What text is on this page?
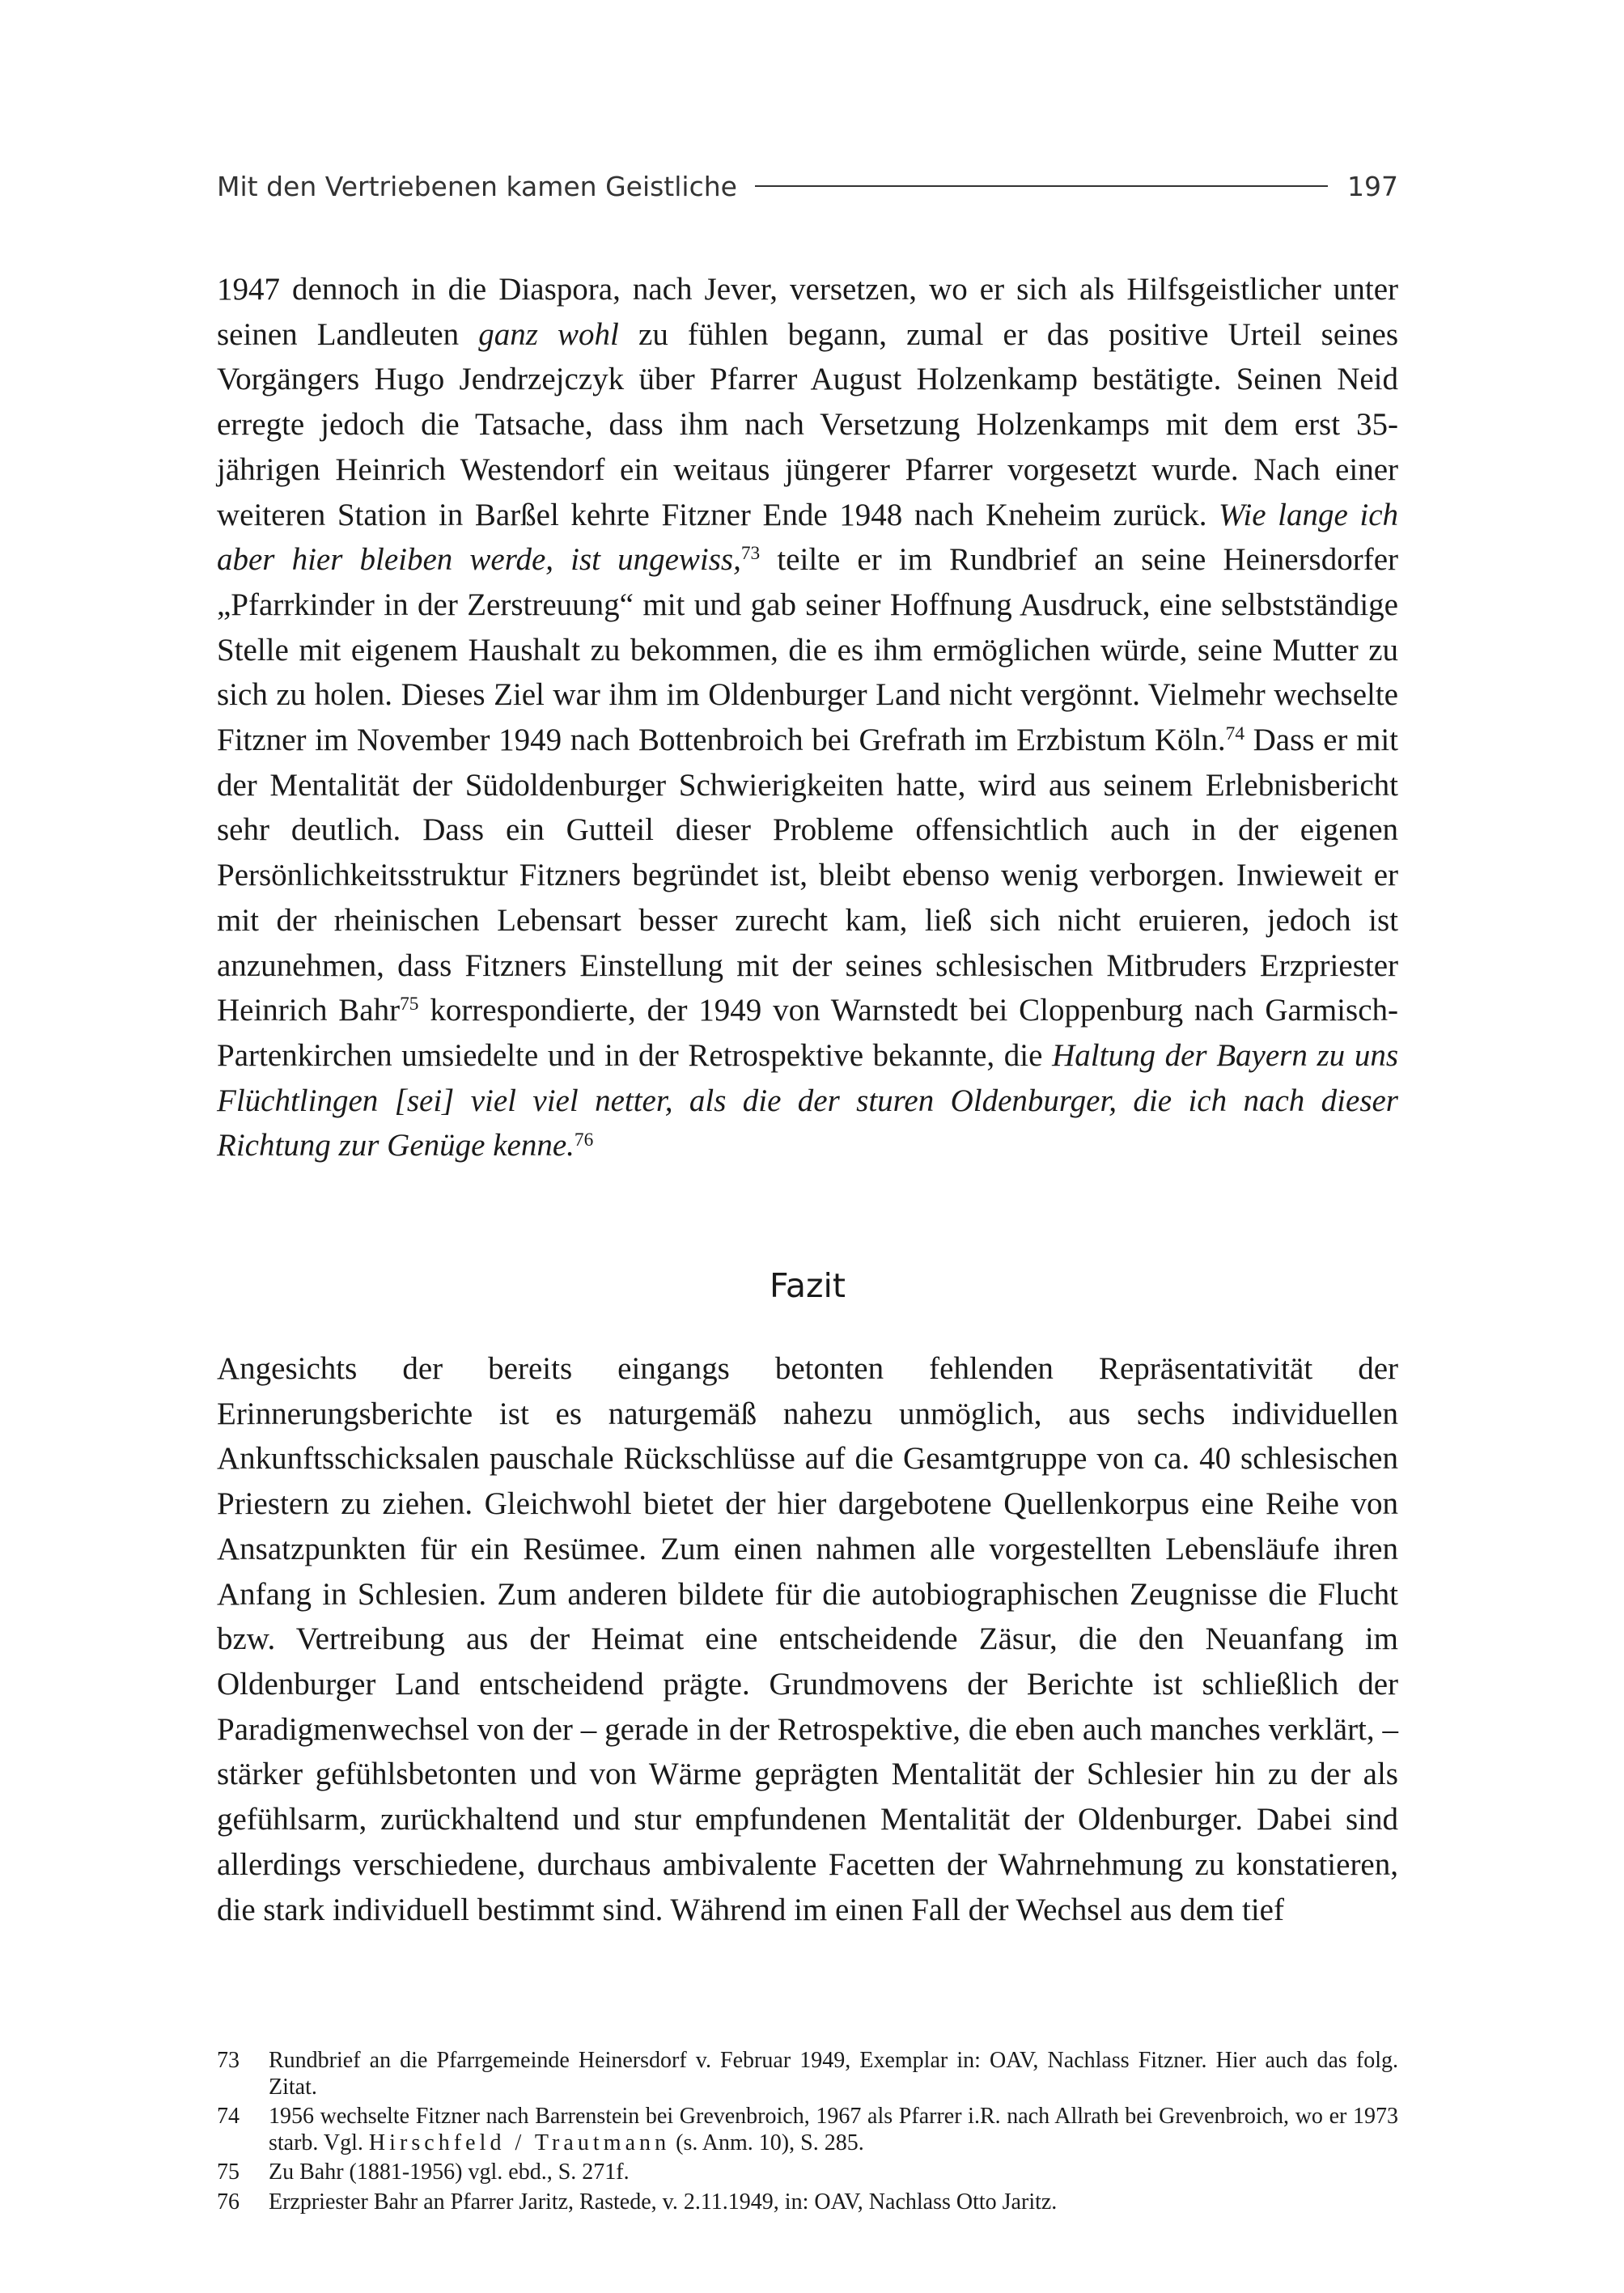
Mit den Vertriebenen kamen Geistliche	197

1947 dennoch in die Diaspora, nach Jever, versetzen, wo er sich als Hilfsgeistlicher unter seinen Landleuten ganz wohl zu fühlen begann, zumal er das positive Urteil seines Vorgängers Hugo Jendrzejczyk über Pfarrer August Holzenkamp bestätigte. Seinen Neid erregte jedoch die Tatsache, dass ihm nach Versetzung Holzenkamps mit dem erst 35-jährigen Heinrich Westendorf ein weitaus jüngerer Pfarrer vorgesetzt wurde. Nach einer weiteren Station in Barßel kehrte Fitzner Ende 1948 nach Kneheim zurück. Wie lange ich aber hier bleiben werde, ist ungewiss,$^{73}$ teilte er im Rundbrief an seine Heinersdorfer „Pfarrkinder in der Zerstreuung“ mit und gab seiner Hoffnung Ausdruck, eine selbstständige Stelle mit eigenem Haushalt zu bekommen, die es ihm ermöglichen würde, seine Mutter zu sich zu holen. Dieses Ziel war ihm im Oldenburger Land nicht vergönnt. Vielmehr wechselte Fitzner im November 1949 nach Bottenbroich bei Grefrath im Erzbistum Köln.$^{74}$ Dass er mit der Mentalität der Südoldenburger Schwierigkeiten hatte, wird aus seinem Erlebnisbericht sehr deutlich. Dass ein Gutteil dieser Probleme offensichtlich auch in der eigenen Persönlichkeitsstruktur Fitzners begründet ist, bleibt ebenso wenig verborgen. Inwieweit er mit der rheinischen Lebensart besser zurecht kam, ließ sich nicht eruieren, jedoch ist anzunehmen, dass Fitzners Einstellung mit der seines schlesischen Mitbruders Erzpriester Heinrich Bahr$^{75}$ korrespondierte, der 1949 von Warnstedt bei Cloppenburg nach Garmisch-Partenkirchen umsiedelte und in der Retrospektive bekannte, die Haltung der Bayern zu uns Flüchtlingen [sei] viel viel netter, als die der sturen Oldenburger, die ich nach dieser Richtung zur Genüge kenne.$^{76}$

Fazit

Angesichts der bereits eingangs betonten fehlenden Repräsentativität der Erinnerungsberichte ist es naturgemäß nahezu unmöglich, aus sechs individuellen Ankunftsschicksalen pauschale Rückschlüsse auf die Gesamtgruppe von ca. 40 schlesischen Priestern zu ziehen. Gleichwohl bietet der hier dargebotene Quellenkorpus eine Reihe von Ansatzpunkten für ein Resümee. Zum einen nahmen alle vorgestellten Lebensläufe ihren Anfang in Schlesien. Zum anderen bildete für die autobiographischen Zeugnisse die Flucht bzw. Vertreibung aus der Heimat eine entscheidende Zäsur, die den Neuanfang im Oldenburger Land entscheidend prägte. Grundmovens der Berichte ist schließlich der Paradigmenwechsel von der – gerade in der Retrospektive, die eben auch manches verklärt, – stärker gefühlsbetonten und von Wärme geprägten Mentalität der Schlesier hin zu der als gefühlsarm, zurückhaltend und stur empfundenen Mentalität der Oldenburger. Dabei sind allerdings verschiedene, durchaus ambivalente Facetten der Wahrnehmung zu konstatieren, die stark individuell bestimmt sind. Während im einen Fall der Wechsel aus dem tief

73	Rundbrief an die Pfarrgemeinde Heinersdorf v. Februar 1949, Exemplar in: OAV, Nachlass Fitzner. Hier auch das folg. Zitat.
74	1956 wechselte Fitzner nach Barrenstein bei Grevenbroich, 1967 als Pfarrer i.R. nach Allrath bei Grevenbroich, wo er 1973 starb. Vgl. Hirschfeld / Trautmann (s. Anm. 10), S. 285.
75	Zu Bahr (1881-1956) vgl. ebd., S. 271f.
76	Erzpriester Bahr an Pfarrer Jaritz, Rastede, v. 2.11.1949, in: OAV, Nachlass Otto Jaritz.
